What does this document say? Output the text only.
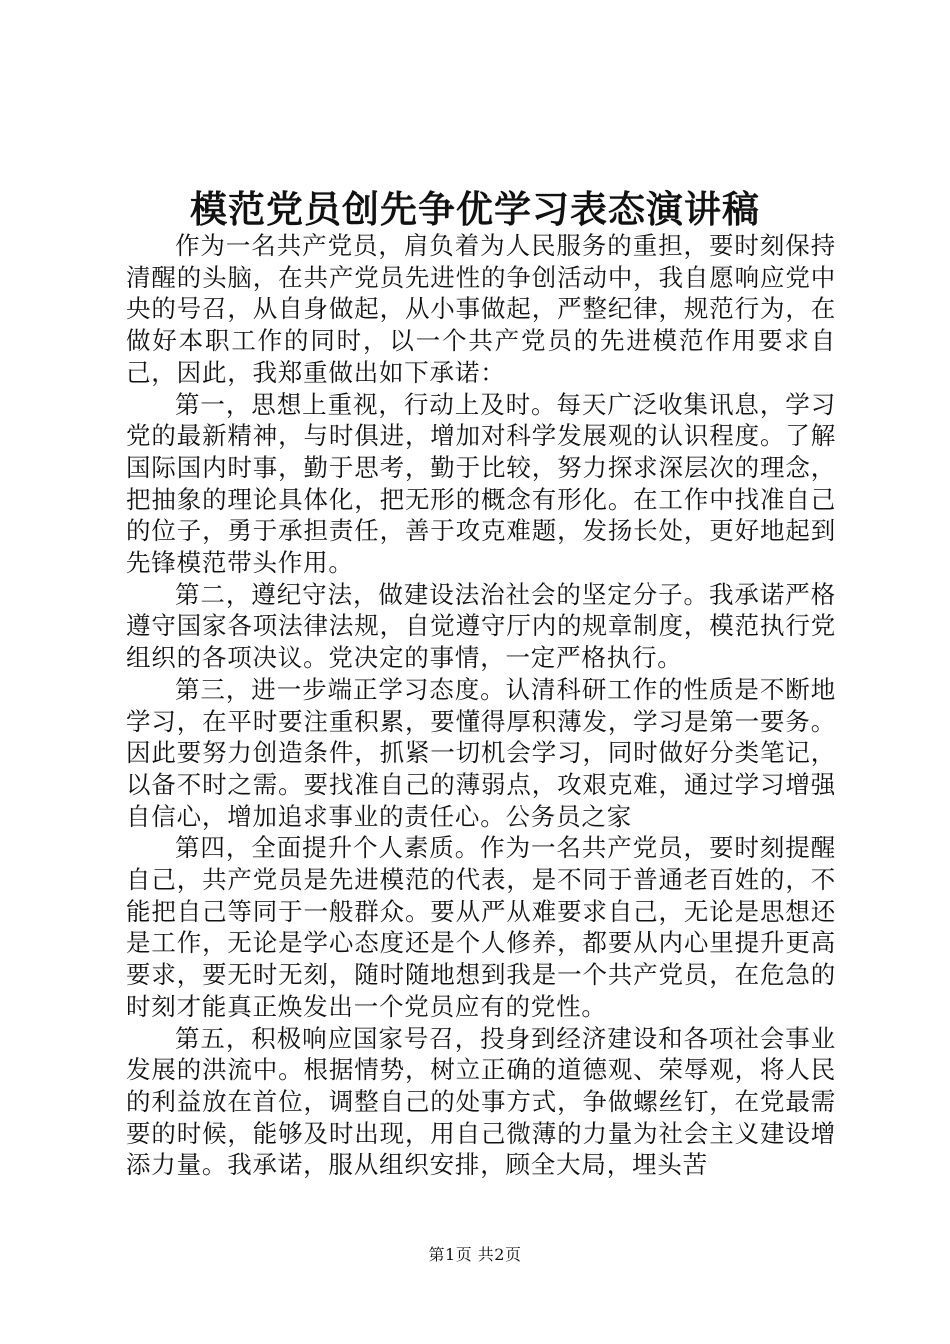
模范党员创先争优学习表态演讲稿

作为一名共产党员，肩负着为人民服务的重担，要时刻保持清醒的头脑，在共产党员先进性的争创活动中，我自愿响应党中央的号召，从自身做起，从小事做起，严整纪律，规范行为，在做好本职工作的同时，以一个共产党员的先进模范作用要求自己，因此，我郑重做出如下承诺：

第一，思想上重视，行动上及时。每天广泛收集讯息，学习党的最新精神，与时俱进，增加对科学发展观的认识程度。了解国际国内时事，勤于思考，勤于比较，努力探求深层次的理念，把抽象的理论具体化，把无形的概念有形化。在工作中找准自己的位子，勇于承担责任，善于攻克难题，发扬长处，更好地起到先锋模范带头作用。

第二，遵纪守法，做建设法治社会的坚定分子。我承诺严格遵守国家各项法律法规，自觉遵守厅内的规章制度，模范执行党组织的各项决议。党决定的事情，一定严格执行。

第三，进一步端正学习态度。认清科研工作的性质是不断地学习，在平时要注重积累，要懂得厚积薄发，学习是第一要务。因此要努力创造条件，抓紧一切机会学习，同时做好分类笔记，以备不时之需。要找准自己的薄弱点，攻艰克难，通过学习增强自信心，增加追求事业的责任心。公务员之家

第四，全面提升个人素质。作为一名共产党员，要时刻提醒自己，共产党员是先进模范的代表，是不同于普通老百姓的，不能把自己等同于一般群众。要从严从难要求自己，无论是思想还是工作，无论是学心态度还是个人修养，都要从内心里提升更高要求，要无时无刻，随时随地想到我是一个共产党员，在危急的时刻才能真正焕发出一个党员应有的党性。

第五，积极响应国家号召，投身到经济建设和各项社会事业发展的洪流中。根据情势，树立正确的道德观、荣辱观，将人民的利益放在首位，调整自己的处事方式，争做螺丝钉，在党最需要的时候，能够及时出现，用自己微薄的力量为社会主义建设增添力量。我承诺，服从组织安排，顾全大局，埋头苦

第1页 共2页
